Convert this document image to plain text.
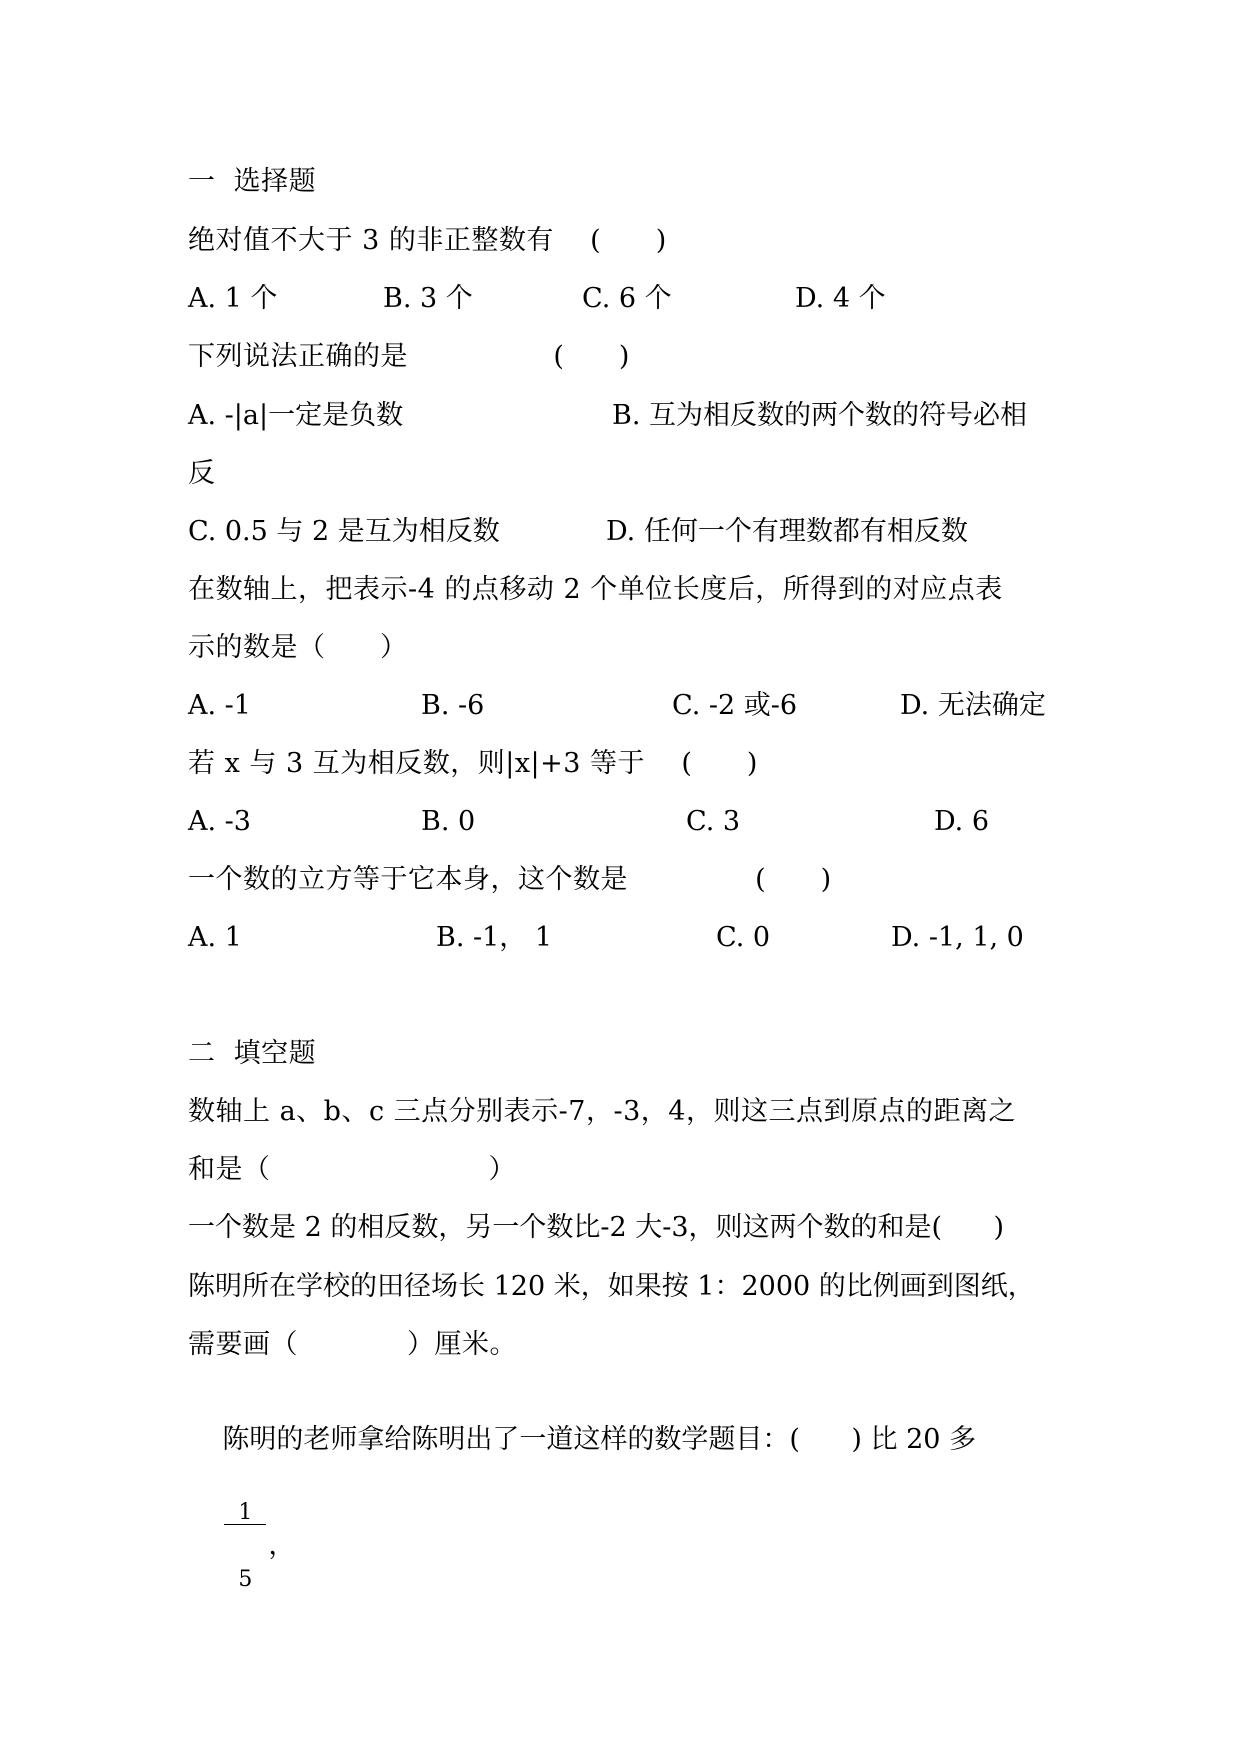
一  选择题
绝对值不大于 3 的非正整数有    (      )
A. 1 个	B. 3 个	C. 6 个	D. 4 个
下列说法正确的是                (      )
A. -|a|一定是负数	B. 互为相反数的两个数的符号必相
反
C. 0.5 与 2 是互为相反数	D. 任何一个有理数都有相反数
在数轴上，把表示-4 的点移动 2 个单位长度后，所得到的对应点表
示的数是（      ）
A. -1	B. -6	C. -2 或-6	D. 无法确定
若 x 与 3 互为相反数，则|x|+3 等于    (      )
A. -3	B. 0	C. 3	D. 6
一个数的立方等于它本身，这个数是              (      )
A. 1	B. -1， 1	C. 0	D. -1, 1, 0
二  填空题
数轴上 a、b、c 三点分别表示-7，-3，4，则这三点到原点的距离之
和是（                        ）
一个数是 2 的相反数，另一个数比-2 大-3，则这两个数的和是(      )
陈明所在学校的田径场长 120 米，如果按 1：2000 的比例画到图纸，
需要画（            ）厘米。

陈明的老师拿给陈明出了一道这样的数学题目：(      ) 比 20 多

$\frac{1}{5}$ ，
